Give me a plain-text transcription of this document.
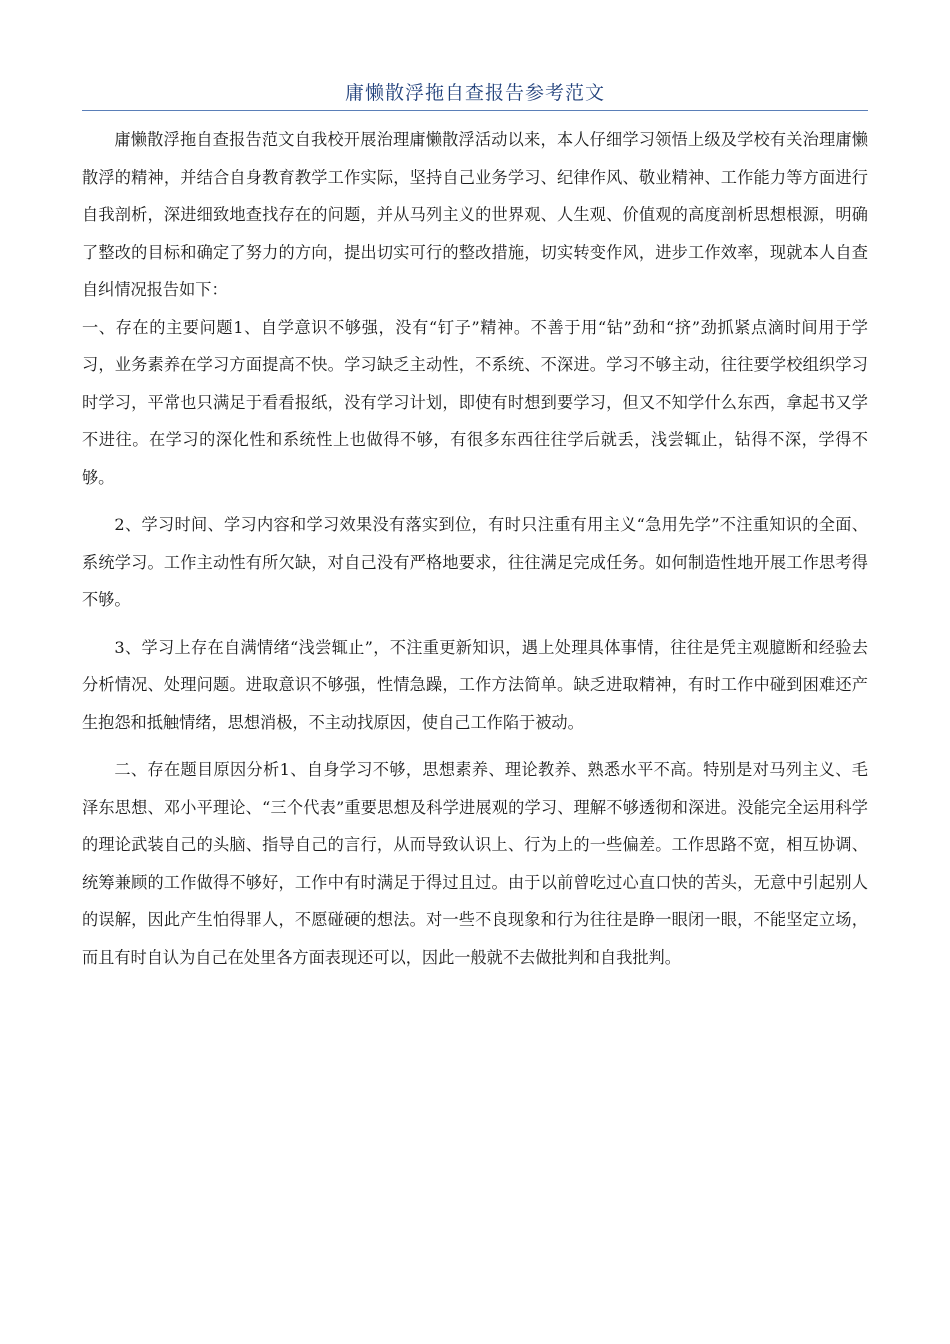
庸懒散浮拖自查报告参考范文

庸懒散浮拖自查报告范文自我校开展治理庸懒散浮活动以来，本人仔细学习领悟上级及学校有关治理庸懒散浮的精神，并结合自身教育教学工作实际，坚持自己业务学习、纪律作风、敬业精神、工作能力等方面进行自我剖析，深进细致地查找存在的问题，并从马列主义的世界观、人生观、价值观的高度剖析思想根源，明确了整改的目标和确定了努力的方向，提出切实可行的整改措施，切实转变作风，进步工作效率，现就本人自查自纠情况报告如下：

一、存在的主要问题1、自学意识不够强，没有“钉子”精神。不善于用“钻”劲和“挤”劲抓紧点滴时间用于学习，业务素养在学习方面提高不快。学习缺乏主动性，不系统、不深进。学习不够主动，往往要学校组织学习时学习，平常也只满足于看看报纸，没有学习计划，即使有时想到要学习，但又不知学什么东西，拿起书又学不进往。在学习的深化性和系统性上也做得不够，有很多东西往往学后就丢，浅尝辄止，钻得不深，学得不够。

2、学习时间、学习内容和学习效果没有落实到位，有时只注重有用主义“急用先学”不注重知识的全面、系统学习。工作主动性有所欠缺，对自己没有严格地要求，往往满足完成任务。如何制造性地开展工作思考得不够。

3、学习上存在自满情绪“浅尝辄止”，不注重更新知识，遇上处理具体事情，往往是凭主观臆断和经验去分析情况、处理问题。进取意识不够强，性情急躁，工作方法简单。缺乏进取精神，有时工作中碰到困难还产生抱怨和抵触情绪，思想消极，不主动找原因，使自己工作陷于被动。

二、存在题目原因分析1、自身学习不够，思想素养、理论教养、熟悉水平不高。特别是对马列主义、毛泽东思想、邓小平理论、“三个代表”重要思想及科学进展观的学习、理解不够透彻和深进。没能完全运用科学的理论武装自己的头脑、指导自己的言行，从而导致认识上、行为上的一些偏差。工作思路不宽，相互协调、统筹兼顾的工作做得不够好，工作中有时满足于得过且过。由于以前曾吃过心直口快的苦头，无意中引起别人的误解，因此产生怕得罪人，不愿碰硬的想法。对一些不良现象和行为往往是睁一眼闭一眼，不能坚定立场，而且有时自认为自己在处里各方面表现还可以，因此一般就不去做批判和自我批判。
